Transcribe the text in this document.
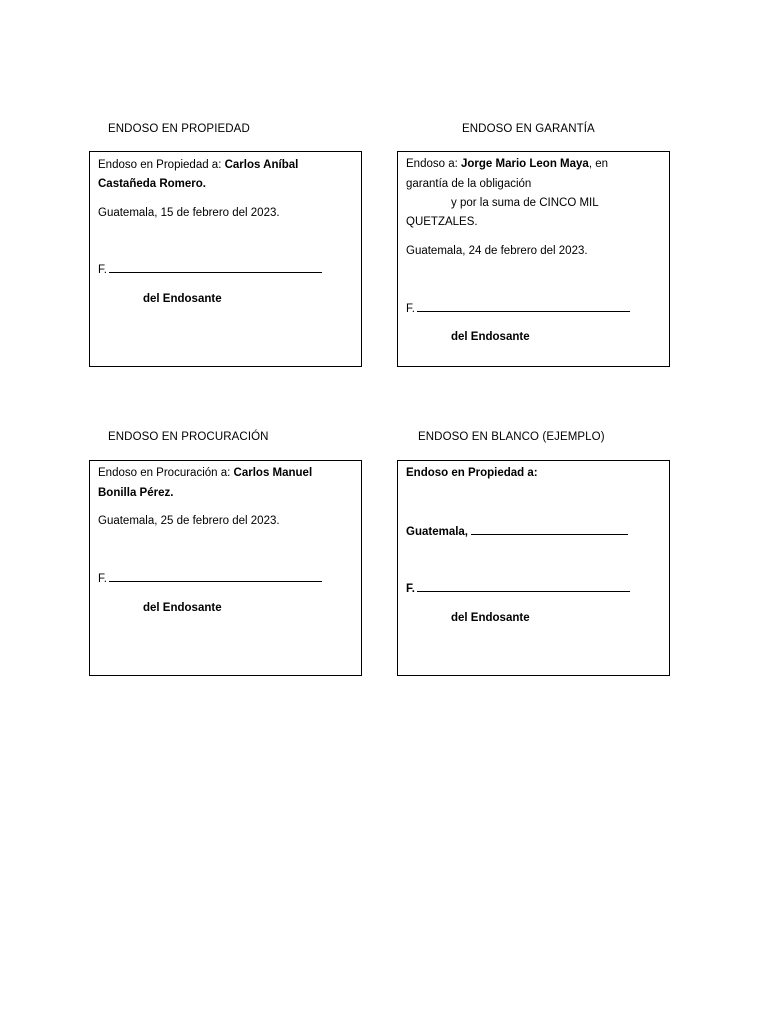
ENDOSO EN PROPIEDAD
Endoso en Propiedad a: Carlos Aníbal
Castañeda Romero.
Guatemala, 15 de febrero del 2023.
F.
del Endosante
ENDOSO EN GARANTÍA
Endoso a: Jorge Mario Leon Maya, en
garantía de la obligación
y por la suma de CINCO MIL
QUETZALES.
Guatemala, 24 de febrero del 2023.
F.
del Endosante
ENDOSO EN PROCURACIÓN
Endoso en Procuración a: Carlos Manuel
Bonilla Pérez.
Guatemala, 25 de febrero del 2023.
F.
del Endosante
ENDOSO EN BLANCO (EJEMPLO)
Endoso en Propiedad a:
Guatemala,
F.
del Endosante
